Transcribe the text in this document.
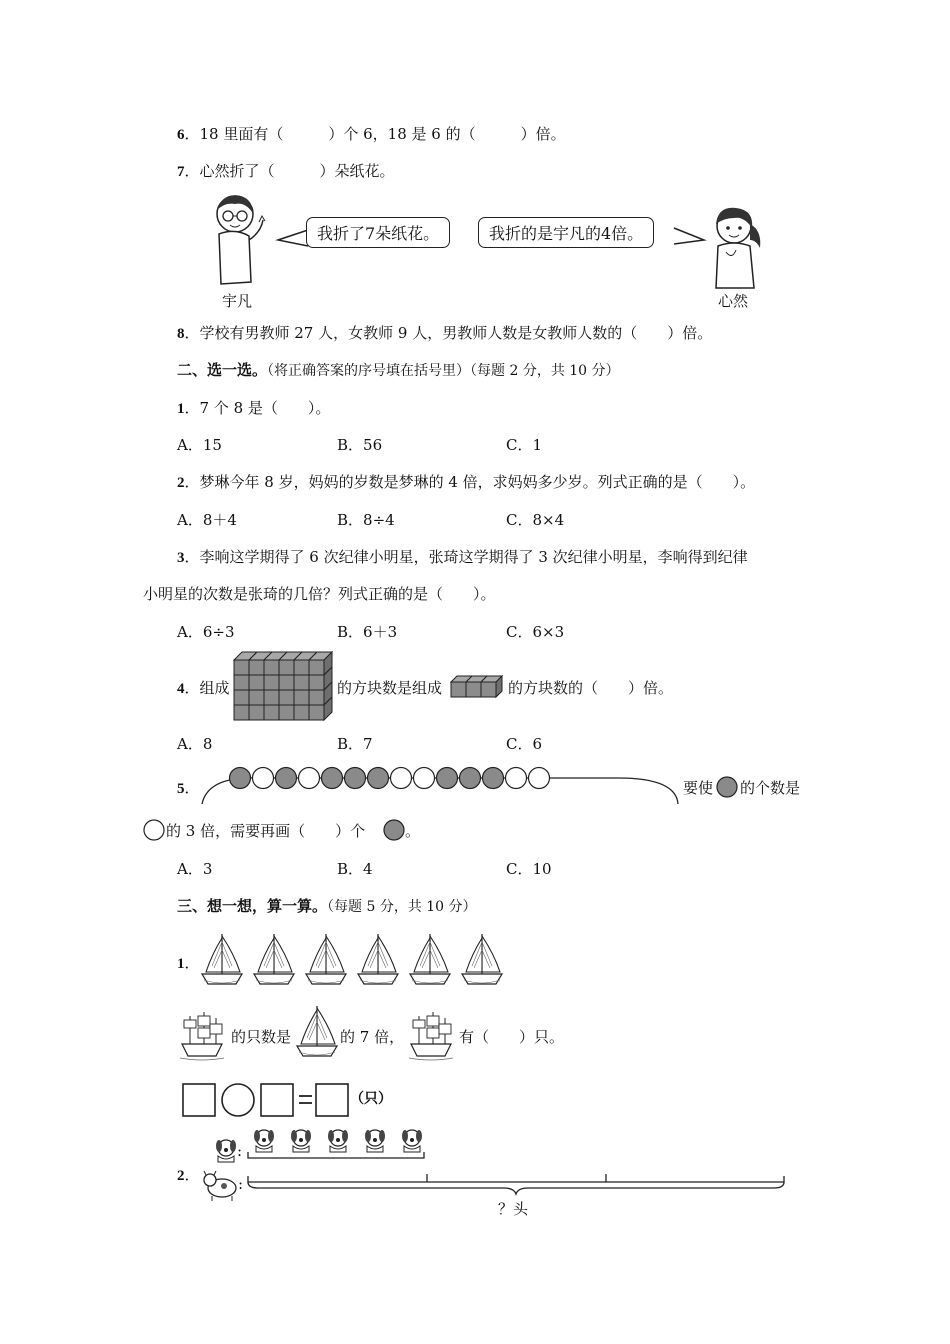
6．18 里面有（　　　）个 6，18 是 6 的（　　　）倍。
7．心然折了（　　　）朵纸花。
宇凡
我折了7朵纸花。	我折的是宇凡的4倍。
心然
8．学校有男教师 27 人，女教师 9 人，男教师人数是女教师人数的（　　）倍。
二、选一选。（将正确答案的序号填在括号里）（每题 2 分，共 10 分）
1．7 个 8 是（　　）。
A．15	B．56	C．1
2．梦琳今年 8 岁，妈妈的岁数是梦琳的 4 倍，求妈妈多少岁。列式正确的是（　　）。
A．8＋4	B．8÷4	C．8×4
3．李响这学期得了 6 次纪律小明星，张琦这学期得了 3 次纪律小明星，李响得到纪律
小明星的次数是张琦的几倍？列式正确的是（　　）。
A．6÷3	B．6＋3	C．6×3
4．组成	的方块数是组成	的方块数的（　　）倍。
A．8	B．7	C．6
5．	要使 的个数是
的 3 倍，需要再画（　　）个	。
A．3	B．4	C．10
三、想一想，算一算。（每题 5 分，共 10 分）
1．
的只数是	的 7 倍，	有（　　）只。
（只）
:
2．	:
？头
